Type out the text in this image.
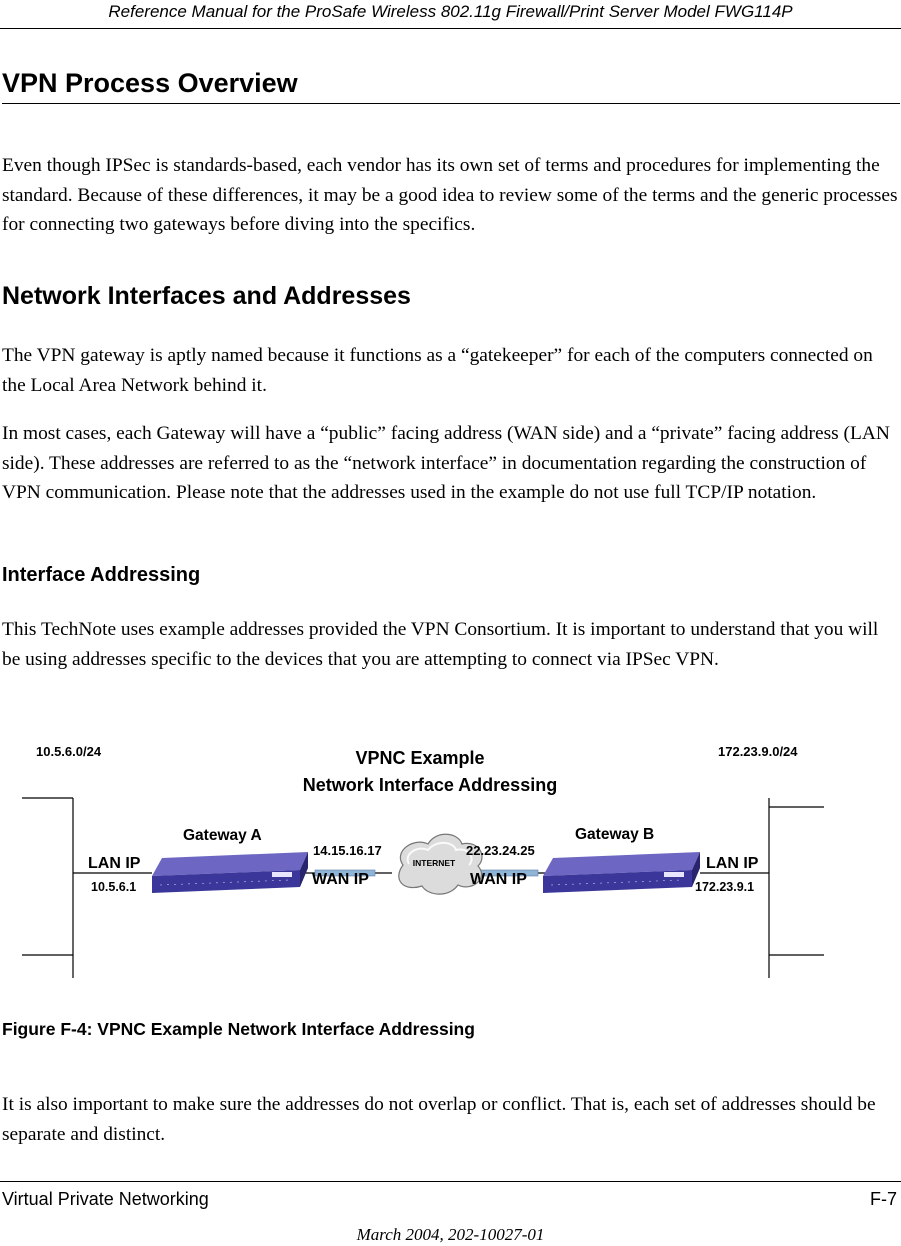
Reference Manual for the ProSafe Wireless 802.11g Firewall/Print Server Model FWG114P
VPN Process Overview
Even though IPSec is standards-based, each vendor has its own set of terms and procedures for implementing the standard. Because of these differences, it may be a good idea to review some of the terms and the generic processes for connecting two gateways before diving into the specifics.
Network Interfaces and Addresses
The VPN gateway is aptly named because it functions as a “gatekeeper” for each of the computers connected on the Local Area Network behind it.
In most cases, each Gateway will have a “public” facing address (WAN side) and a “private” facing address (LAN side). These addresses are referred to as the “network interface” in documentation regarding the construction of VPN communication. Please note that the addresses used in the example do not use full TCP/IP notation.
Interface Addressing
This TechNote uses example addresses provided the VPN Consortium. It is important to understand that you will be using addresses specific to the devices that you are attempting to connect via IPSec VPN.
INTERNET
10.5.6.0/24	172.23.9.0/24
VPNC Example
Network Interface Addressing
Gateway A	Gateway B
LAN IP
10.5.6.1
LAN IP
172.23.9.1
14.15.16.17
WAN IP
22.23.24.25
WAN IP
Figure F-4: VPNC Example Network Interface Addressing
It is also important to make sure the addresses do not overlap or conflict. That is, each set of addresses should be separate and distinct.
Virtual Private Networking	F-7
March 2004, 202-10027-01
